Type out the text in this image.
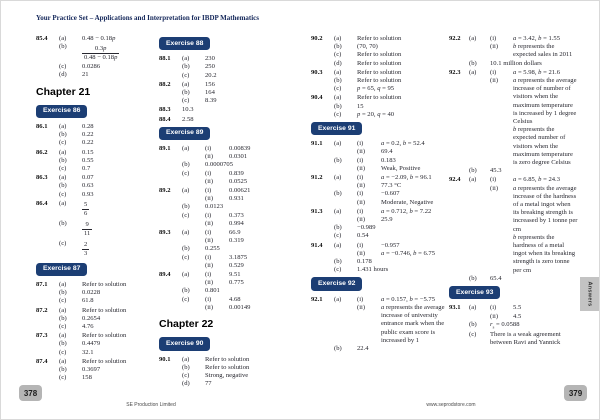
Your Practice Set – Applications and Interpretation for IBDP Mathematics
85.4	(a)	0.48 − 0.18p
(b)	$\frac{0.3p}{0.48 - 0.18p}$
(c)	0.0286
(d)	21
Chapter 21
Exercise 86
86.1	(a)	0.28
(b)	0.22
(c)	0.22
86.2	(a)	0.15
(b)	0.55
(c)	0.7
86.3	(a)	0.07
(b)	0.63
(c)	0.93
86.4	(a)	$\frac{5}{6}$
(b)	$\frac{9}{11}$
(c)	$\frac{2}{3}$
Exercise 87
87.1	(a)	Refer to solution
(b)	0.0228
(c)	61.8
87.2	(a)	Refer to solution
(b)	0.2654
(c)	4.76
87.3	(a)	Refer to solution
(b)	0.4479
(c)	32.1
87.4	(a)	Refer to solution
(b)	0.3697
(c)	158
Exercise 88
88.1	(a)	230
(b)	250
(c)	20.2
88.2	(a)	156
(b)	164
(c)	8.39
88.3	10.3
88.4	2.58
Exercise 89
89.1	(a)	(i)	0.00839
(ii)	0.0301
(b)	0.0000705
(c)	(i)	0.839
(ii)	0.0525
89.2	(a)	(i)	0.00621
(ii)	0.931
(b)	0.0123
(c)	(i)	0.373
(ii)	0.994
89.3	(a)	(i)	66.9
(ii)	0.319
(b)	0.255
(c)	(i)	3.1875
(ii)	0.529
89.4	(a)	(i)	9.51
(ii)	0.775
(b)	0.801
(c)	(i)	4.68
(ii)	0.00149
Chapter 22
Exercise 90
90.1	(a)	Refer to solution
(b)	Refer to solution
(c)	Strong, negative
(d)	77
90.2	(a)	Refer to solution
(b)	(70, 70)
(c)	Refer to solution
(d)	Refer to solution
90.3	(a)	Refer to solution
(b)	Refer to solution
(c)	p = 65, q = 95
90.4	(a)	Refer to solution
(b)	15
(c)	p = 20, q = 40
Exercise 91
91.1	(a)	(i)	a = 0.2, b = 52.4
(ii)	69.4
(b)	(i)	0.183
(ii)	Weak, Positive
91.2	(a)	(i)	a = −2.09, b = 96.1
(ii)	77.3 °C
(b)	(i)	−0.607
(ii)	Moderate, Negative
91.3	(a)	(i)	a = 0.712, b = 7.22
(ii)	25.9
(b)	−0.989
(c)	0.54
91.4	(a)	(i)	−0.957
(ii)	a = −0.746, b = 6.75
(b)	0.178
(c)	1.431 hours
Exercise 92
92.1	(a)	(i)	a = 0.157, b = −5.75
(ii)	a represents the average increase of university entrance mark when the public exam score is increased by 1
(b)	22.4
92.2	(a)	(i)	a = 3.42, b = 1.55
(ii)	b represents the expected sales in 2011
(b)	10.1 million dollars
92.3	(a)	(i)	a = 5.98, b = 21.6
(ii)	a represents the average increase of number of visitors when the maximum temperature is increased by 1 degree Celsius
b represents the expected number of visitors when the maximum temperature is zero degree Celsius
(b)	45.3
92.4	(a)	(i)	a = 6.85, b = 24.3
(ii)	a represents the average increase of the hardness of a metal ingot when its breaking strength is increased by 1 tonne per cm
b represents the hardness of a metal ingot when its breaking strength is zero tonne per cm
(b)	65.4
Exercise 93
93.1	(a)	(i)	5.5
(ii)	4.5
(b)	$r_s = 0.0588$
(c)	There is a weak agreement between Ravi and Yannick
378	379
SE Production Limited	www.seprodstore.com
Answers
